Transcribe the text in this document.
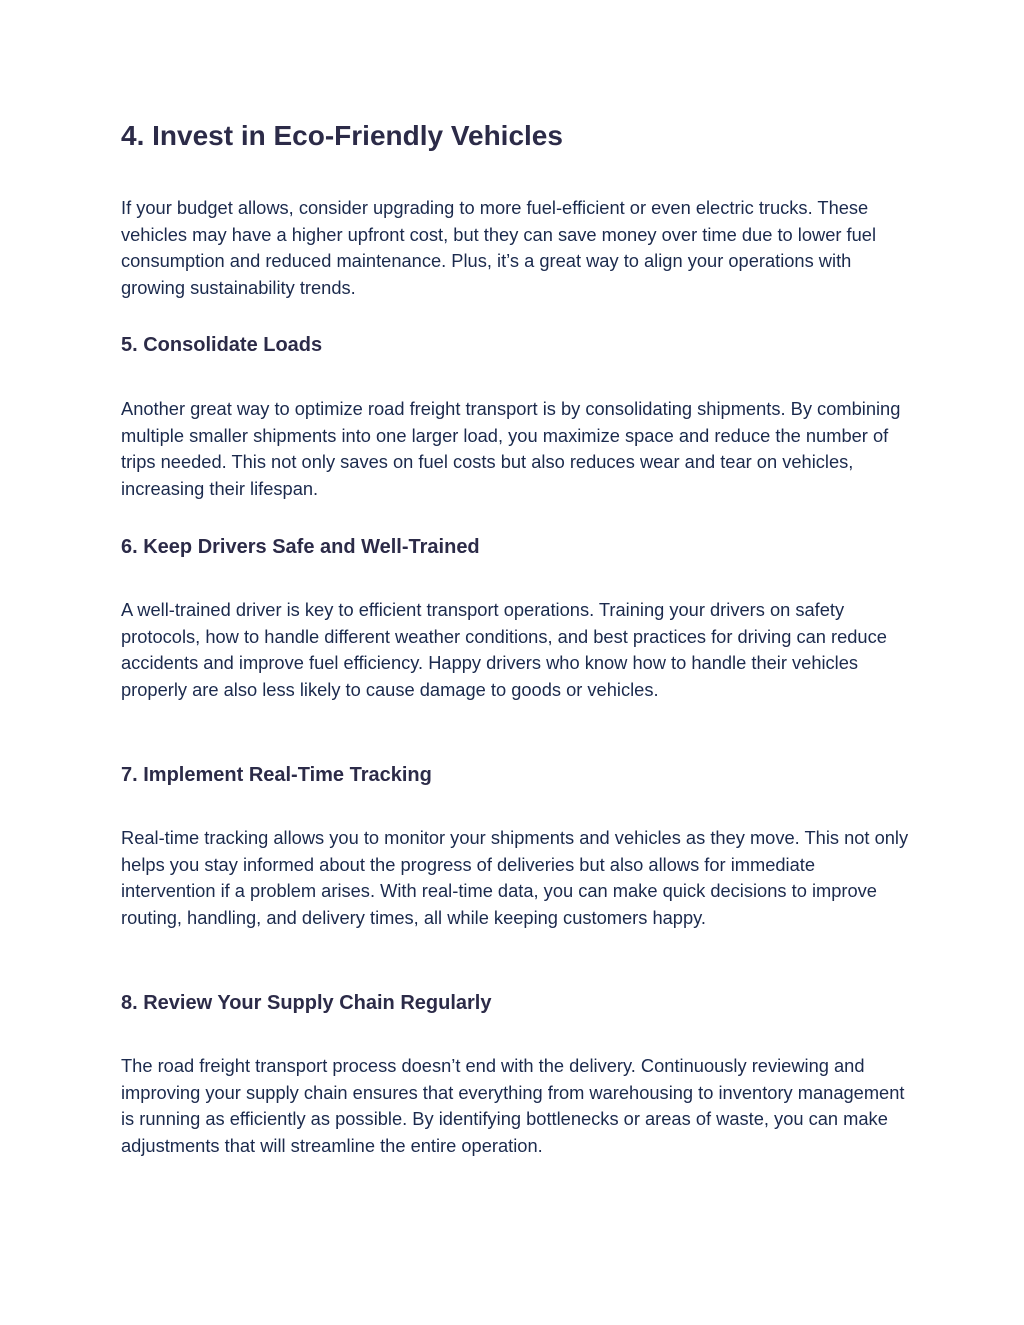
4. Invest in Eco-Friendly Vehicles

If your budget allows, consider upgrading to more fuel-efficient or even electric trucks. These vehicles may have a higher upfront cost, but they can save money over time due to lower fuel consumption and reduced maintenance. Plus, it’s a great way to align your operations with growing sustainability trends.

5. Consolidate Loads

Another great way to optimize road freight transport is by consolidating shipments. By combining multiple smaller shipments into one larger load, you maximize space and reduce the number of trips needed. This not only saves on fuel costs but also reduces wear and tear on vehicles, increasing their lifespan.

6. Keep Drivers Safe and Well-Trained

A well-trained driver is key to efficient transport operations. Training your drivers on safety protocols, how to handle different weather conditions, and best practices for driving can reduce accidents and improve fuel efficiency. Happy drivers who know how to handle their vehicles properly are also less likely to cause damage to goods or vehicles.

7. Implement Real-Time Tracking

Real-time tracking allows you to monitor your shipments and vehicles as they move. This not only helps you stay informed about the progress of deliveries but also allows for immediate intervention if a problem arises. With real-time data, you can make quick decisions to improve routing, handling, and delivery times, all while keeping customers happy.

8. Review Your Supply Chain Regularly

The road freight transport process doesn’t end with the delivery. Continuously reviewing and improving your supply chain ensures that everything from warehousing to inventory management is running as efficiently as possible. By identifying bottlenecks or areas of waste, you can make adjustments that will streamline the entire operation.
